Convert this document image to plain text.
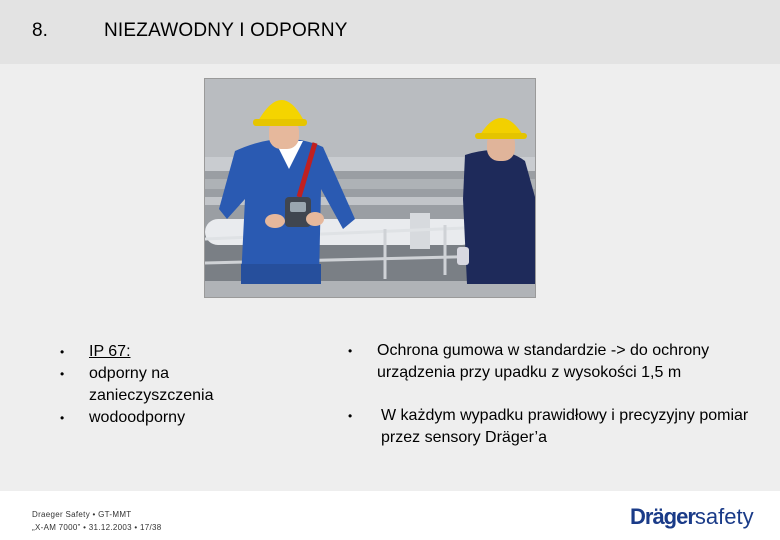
8.	NIEZAWODNY I ODPORNY
• IP 67:
• odporny na zanieczyszczenia
• wodoodporny
• Ochrona gumowa w standardzie -> do ochrony urządzenia przy upadku z wysokości 1,5 m
• W każdym wypadku prawidłowy i precyzyjny pomiar przez sensory Dräger’a
Draeger Safety • GT-MMT
„X-AM 7000” • 31.12.2003 • 17/38	Drägersafety
